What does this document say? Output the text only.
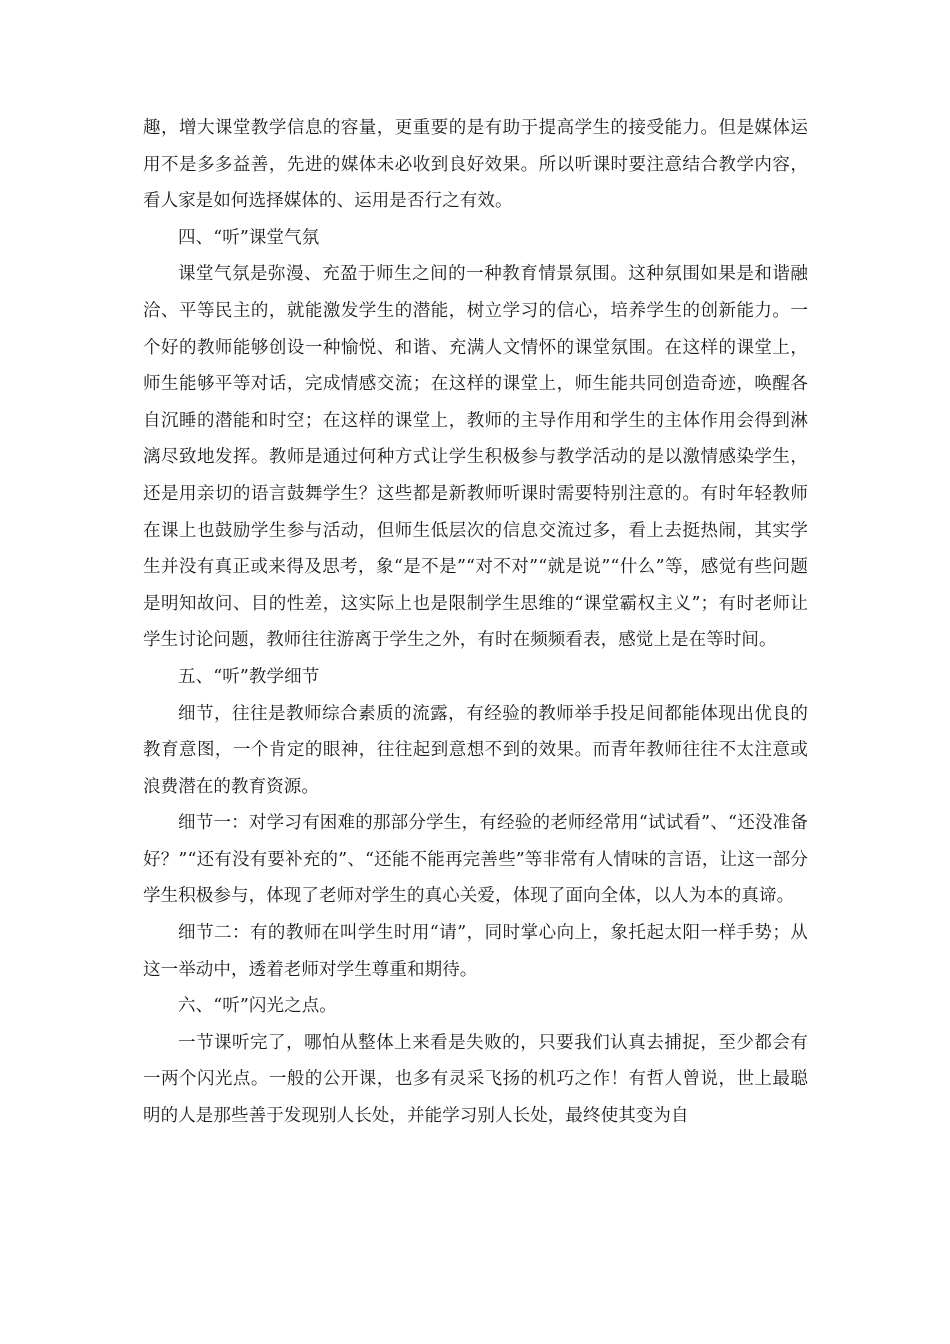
趣，增大课堂教学信息的容量，更重要的是有助于提高学生的接受能力。但是媒体运用不是多多益善，先进的媒体未必收到良好效果。所以听课时要注意结合教学内容，看人家是如何选择媒体的、运用是否行之有效。

四、“听”课堂气氛

课堂气氛是弥漫、充盈于师生之间的一种教育情景氛围。这种氛围如果是和谐融洽、平等民主的，就能激发学生的潜能，树立学习的信心，培养学生的创新能力。一个好的教师能够创设一种愉悦、和谐、充满人文情怀的课堂氛围。在这样的课堂上，师生能够平等对话，完成情感交流；在这样的课堂上，师生能共同创造奇迹，唤醒各自沉睡的潜能和时空；在这样的课堂上，教师的主导作用和学生的主体作用会得到淋漓尽致地发挥。教师是通过何种方式让学生积极参与教学活动的是以激情感染学生，还是用亲切的语言鼓舞学生？这些都是新教师听课时需要特别注意的。有时年轻教师在课上也鼓励学生参与活动，但师生低层次的信息交流过多，看上去挺热闹，其实学生并没有真正或来得及思考，象“是不是”“对不对”“就是说”“什么”等，感觉有些问题是明知故问、目的性差，这实际上也是限制学生思维的“课堂霸权主义”；有时老师让学生讨论问题，教师往往游离于学生之外，有时在频频看表，感觉上是在等时间。

五、“听”教学细节

细节，往往是教师综合素质的流露，有经验的教师举手投足间都能体现出优良的教育意图，一个肯定的眼神，往往起到意想不到的效果。而青年教师往往不太注意或浪费潜在的教育资源。

细节一：对学习有困难的那部分学生，有经验的老师经常用“试试看”、“还没准备好？”“还有没有要补充的”、“还能不能再完善些”等非常有人情味的言语，让这一部分学生积极参与，体现了老师对学生的真心关爱，体现了面向全体，以人为本的真谛。

细节二：有的教师在叫学生时用“请”，同时掌心向上，象托起太阳一样手势；从这一举动中，透着老师对学生尊重和期待。

六、“听”闪光之点。

一节课听完了，哪怕从整体上来看是失败的，只要我们认真去捕捉，至少都会有一两个闪光点。一般的公开课，也多有灵采飞扬的机巧之作！有哲人曾说，世上最聪明的人是那些善于发现别人长处，并能学习别人长处，最终使其变为自
